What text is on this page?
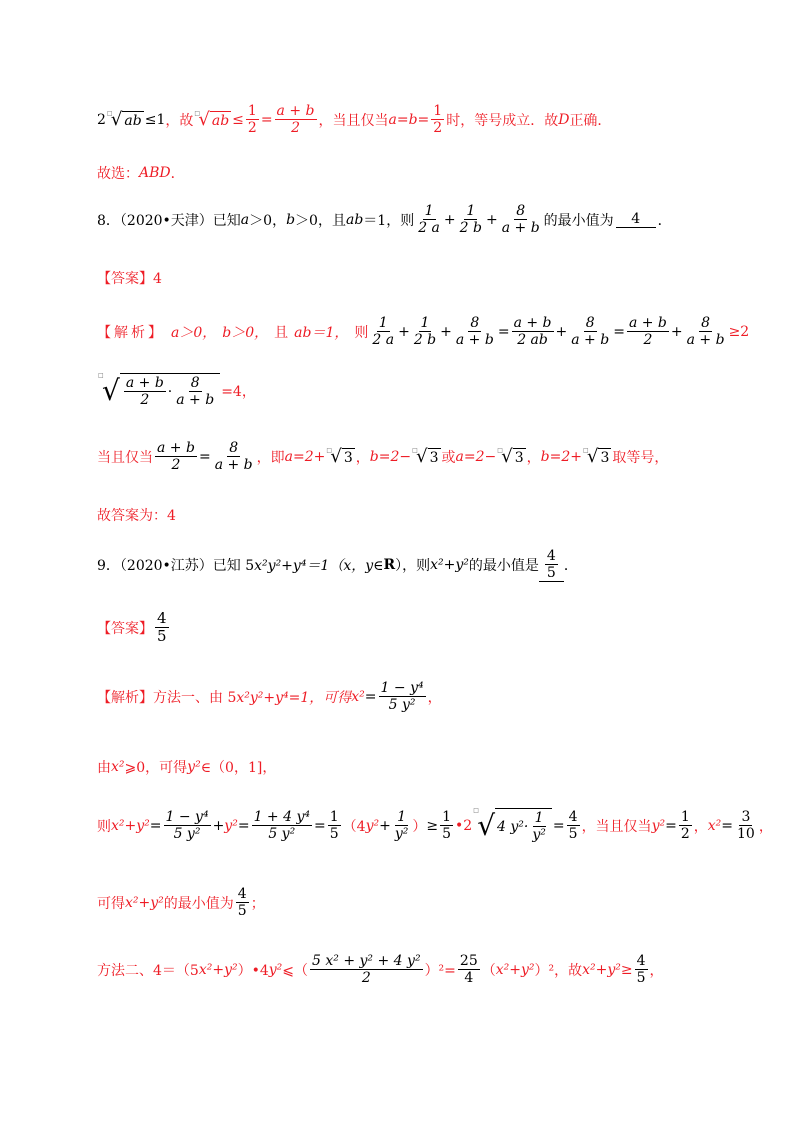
2 √
□ ab ≤1 ，故 √
□ ab ≤ $\frac{1}{2} = \frac{a + b}{2}$ ，当且仅当 $a=b= \frac{1}{2}$ 时，等号成立．故 D 正确．
故选： ABD ．
8．（2020•天津）已知 a ＞0， b ＞0，且 ab ＝1，则 $\frac{1}{2 a} + \frac{1}{2 b} + \frac{8}{a + b}$ 的最小值为	4	．
【答案】4
【解析】 a＞0， b＞0， 且 ab＝1， 则 $\frac{1}{2 a} + \frac{1}{2 b} + \frac{8}{a + b} = \frac{a + b}{2 ab} + \frac{8}{a + b} = \frac{a + b}{2} + \frac{8}{a + b} \ge 2$
√
□ $\frac{a + b}{2} \cdot \frac{8}{a + b} =4$，
当且仅当 $\frac{a + b}{2} = \frac{8}{a + b}$ ，即 a=2+ √
□ 3 ， b=2− √
□ 3 或 a=2− √
□ 3 ， b=2+ √
□ 3 取等号，
故答案为：4
9．（2020•江苏）已知 5 x²y²+y⁴＝1（x，y∈ R ），则 x²+y² 的最小值是 $\frac{4}{5}$ ．
【答案】 $\frac{4}{5}$
【解析】方法一、由 5 x²y²+y⁴=1，可得 $x^2 = \frac{\text{1 − y⁴}}{\text{5 y²}}$ ，
由 x² ⩾0，可得 y² ∈（0，1]，
则 $x^2+y^2 = \frac{\text{1 − y⁴}}{\text{5 y²}} + y^2 = \frac{\text{1 + 4 y⁴}}{\text{5 y²}} = \frac{1}{5} (4$ $y^2 + \frac{1}{\text{y²}}$ ） ≥ $\frac{1}{5}$ •2 √
□
4 $y^2 \cdot \frac{1}{\text{y²}} = \frac{4}{5}$ ，当且仅当 $y^2 = \frac{1}{2}$ ， $x^2 = \frac{3}{10}$ ，
可得 x²+y² 的最小值为 $\frac{4}{5}$ ；
方法二、4＝（5 x²+y² ）•4 y² ⩽（ $\frac{\text{5 x² + y² + 4 y²}}{2} )^2= \frac{25}{4}$ （ x²+y² ）²，故 $x^2+y^2 \ge \frac{4}{5}$ ，
